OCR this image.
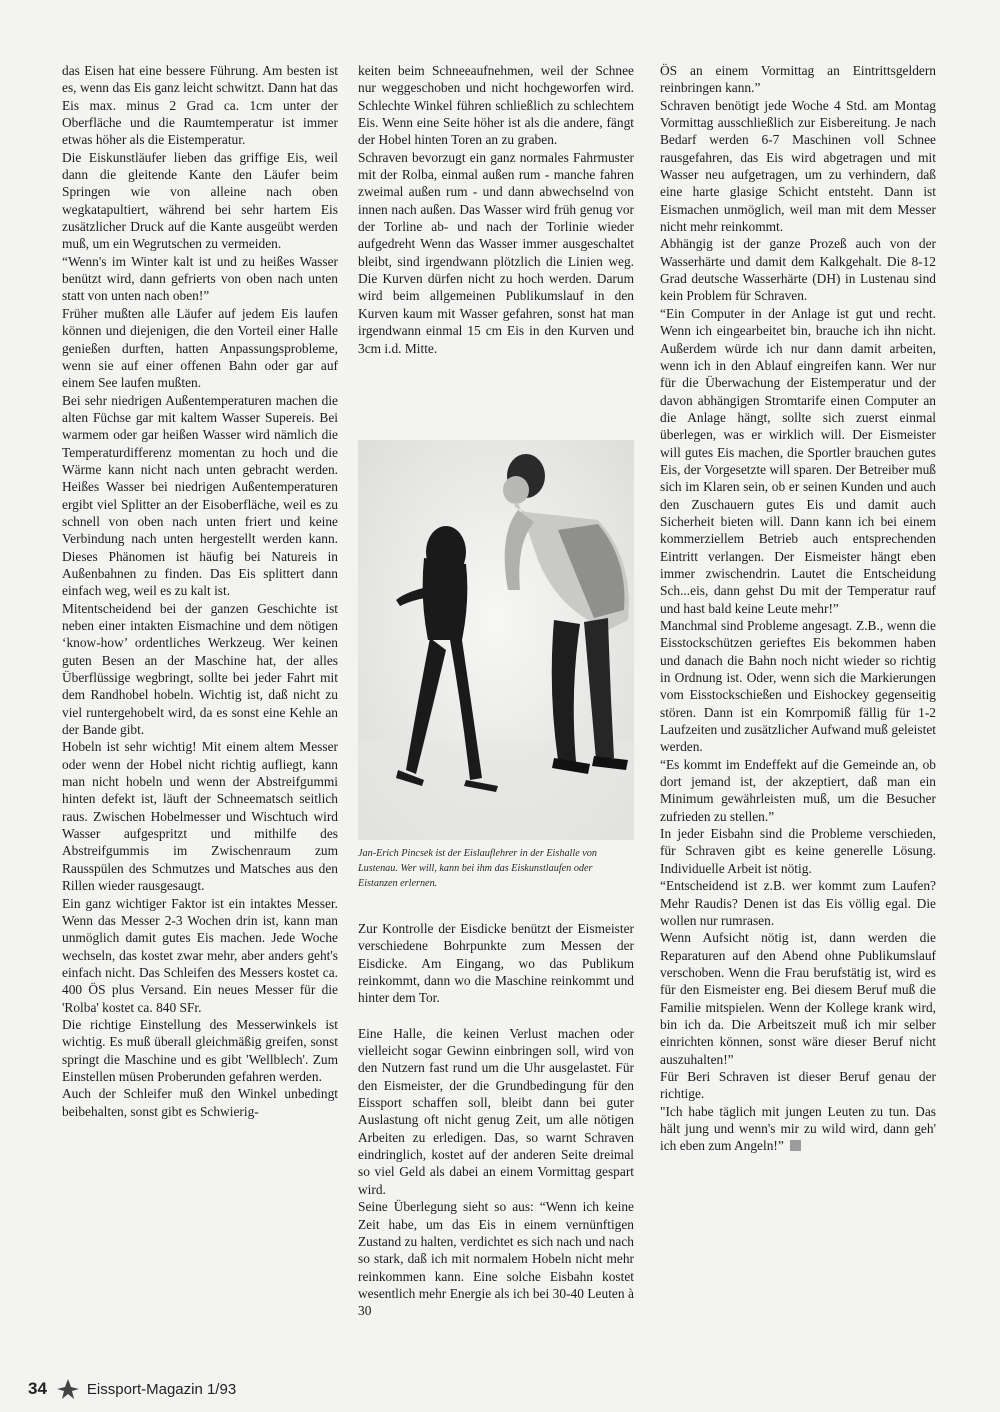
das Eisen hat eine bessere Führung. Am besten ist es, wenn das Eis ganz leicht schwitzt. Dann hat das Eis max. minus 2 Grad ca. 1cm unter der Oberfläche und die Raumtemperatur ist immer etwas höher als die Eistemperatur.

Die Eiskunstläufer lieben das griffige Eis, weil dann die gleitende Kante den Läufer beim Springen wie von alleine nach oben wegkatapultiert, während bei sehr hartem Eis zusätzlicher Druck auf die Kante ausgeübt werden muß, um ein Wegrutschen zu vermeiden.

“Wenn's im Winter kalt ist und zu heißes Wasser benützt wird, dann gefrierts von oben nach unten statt von unten nach oben!”

Früher mußten alle Läufer auf jedem Eis laufen können und diejenigen, die den Vorteil einer Halle genießen durften, hatten Anpassungsprobleme, wenn sie auf einer offenen Bahn oder gar auf einem See laufen mußten.

Bei sehr niedrigen Außentemperaturen machen die alten Füchse gar mit kaltem Wasser Supereis. Bei warmem oder gar heißen Wasser wird nämlich die Temperaturdifferenz momentan zu hoch und die Wärme kann nicht nach unten gebracht werden. Heißes Wasser bei niedrigen Außentemperaturen ergibt viel Splitter an der Eisoberfläche, weil es zu schnell von oben nach unten friert und keine Verbindung nach unten hergestellt werden kann. Dieses Phänomen ist häufig bei Natureis in Außenbahnen zu finden. Das Eis splittert dann einfach weg, weil es zu kalt ist.

Mitentscheidend bei der ganzen Geschichte ist neben einer intakten Eismachine und dem nötigen ‘know-how’ ordentliches Werkzeug. Wer keinen guten Besen an der Maschine hat, der alles Überflüssige wegbringt, sollte bei jeder Fahrt mit dem Randhobel hobeln. Wichtig ist, daß nicht zu viel runtergehobelt wird, da es sonst eine Kehle an der Bande gibt.

Hobeln ist sehr wichtig! Mit einem altem Messer oder wenn der Hobel nicht richtig aufliegt, kann man nicht hobeln und wenn der Abstreifgummi hinten defekt ist, läuft der Schneematsch seitlich raus. Zwischen Hobelmesser und Wischtuch wird Wasser aufgespritzt und mithilfe des Abstreifgummis im Zwischenraum zum Rausspülen des Schmutzes und Matsches aus den Rillen wieder rausgesaugt.

Ein ganz wichtiger Faktor ist ein intaktes Messer. Wenn das Messer 2-3 Wochen drin ist, kann man unmöglich damit gutes Eis machen. Jede Woche wechseln, das kostet zwar mehr, aber anders geht's einfach nicht. Das Schleifen des Messers kostet ca. 400 ÖS plus Versand. Ein neues Messer für die 'Rolba' kostet ca. 840 SFr.

Die richtige Einstellung des Messerwinkels ist wichtig. Es muß überall gleichmäßig greifen, sonst springt die Maschine und es gibt 'Wellblech'. Zum Einstellen müsen Proberunden gefahren werden.

Auch der Schleifer muß den Winkel unbedingt beibehalten, sonst gibt es Schwierig-

keiten beim Schneeaufnehmen, weil der Schnee nur weggeschoben und nicht hochgeworfen wird. Schlechte Winkel führen schließlich zu schlechtem Eis. Wenn eine Seite höher ist als die andere, fängt der Hobel hinten Toren an zu graben.

Schraven bevorzugt ein ganz normales Fahrmuster mit der Rolba, einmal außen rum - manche fahren zweimal außen rum - und dann abwechselnd von innen nach außen. Das Wasser wird früh genug vor der Torline ab- und nach der Torlinie wieder aufgedreht Wenn das Wasser immer ausgeschaltet bleibt, sind irgendwann plötzlich die Linien weg. Die Kurven dürfen nicht zu hoch werden. Darum wird beim allgemeinen Publikumslauf in den Kurven kaum mit Wasser gefahren, sonst hat man irgendwann einmal 15 cm Eis in den Kurven und 3cm i.d. Mitte.

Jan-Erich Pincsek ist der Eislauflehrer in der Eishalle von Lustenau. Wer will, kann bei ihm das Eiskunstlaufen oder Eistanzen erlernen.

Zur Kontrolle der Eisdicke benützt der Eismeister verschiedene Bohrpunkte zum Messen der Eisdicke. Am Eingang, wo das Publikum reinkommt, dann wo die Maschine reinkommt und hinter dem Tor.

Eine Halle, die keinen Verlust machen oder vielleicht sogar Gewinn einbringen soll, wird von den Nutzern fast rund um die Uhr ausgelastet. Für den Eismeister, der die Grundbedingung für den Eissport schaffen soll, bleibt dann bei guter Auslastung oft nicht genug Zeit, um alle nötigen Arbeiten zu erledigen. Das, so warnt Schraven eindringlich, kostet auf der anderen Seite dreimal so viel Geld als dabei an einem Vormittag gespart wird.

Seine Überlegung sieht so aus: “Wenn ich keine Zeit habe, um das Eis in einem vernünftigen Zustand zu halten, verdichtet es sich nach und nach so stark, daß ich mit normalem Hobeln nicht mehr reinkommen kann. Eine solche Eisbahn kostet wesentlich mehr Energie als ich bei 30-40 Leuten à 30

ÖS an einem Vormittag an Eintrittsgeldern reinbringen kann.”

Schraven benötigt jede Woche 4 Std. am Montag Vormittag ausschließlich zur Eisbereitung. Je nach Bedarf werden 6-7 Maschinen voll Schnee rausgefahren, das Eis wird abgetragen und mit Wasser neu aufgetragen, um zu verhindern, daß eine harte glasige Schicht entsteht. Dann ist Eismachen unmöglich, weil man mit dem Messer nicht mehr reinkommt.

Abhängig ist der ganze Prozeß auch von der Wasserhärte und damit dem Kalkgehalt. Die 8-12 Grad deutsche Wasserhärte (DH) in Lustenau sind kein Problem für Schraven.

“Ein Computer in der Anlage ist gut und recht. Wenn ich eingearbeitet bin, brauche ich ihn nicht. Außerdem würde ich nur dann damit arbeiten, wenn ich in den Ablauf eingreifen kann. Wer nur für die Überwachung der Eistemperatur und der davon abhängigen Stromtarife einen Computer an die Anlage hängt, sollte sich zuerst einmal überlegen, was er wirklich will. Der Eismeister will gutes Eis machen, die Sportler brauchen gutes Eis, der Vorgesetzte will sparen. Der Betreiber muß sich im Klaren sein, ob er seinen Kunden und auch den Zuschauern gutes Eis und damit auch Sicherheit bieten will. Dann kann ich bei einem kommerziellem Betrieb auch entsprechenden Eintritt verlangen. Der Eismeister hängt eben immer zwischendrin. Lautet die Entscheidung Sch...eis, dann gehst Du mit der Temperatur rauf und hast bald keine Leute mehr!”

Manchmal sind Probleme angesagt. Z.B., wenn die Eisstockschützen gerieftes Eis bekommen haben und danach die Bahn noch nicht wieder so richtig in Ordnung ist. Oder, wenn sich die Markierungen vom Eisstockschießen und Eishockey gegenseitig stören. Dann ist ein Komrpomiß fällig für 1-2 Laufzeiten und zusätzlicher Aufwand muß geleistet werden.

“Es kommt im Endeffekt auf die Gemeinde an, ob dort jemand ist, der akzeptiert, daß man ein Minimum gewährleisten muß, um die Besucher zufrieden zu stellen.”

In jeder Eisbahn sind die Probleme verschieden, für Schraven gibt es keine generelle Lösung. Individuelle Arbeit ist nötig.

“Entscheidend ist z.B. wer kommt zum Laufen? Mehr Raudis? Denen ist das Eis völlig egal. Die wollen nur rumrasen.

Wenn Aufsicht nötig ist, dann werden die Reparaturen auf den Abend ohne Publikumslauf verschoben. Wenn die Frau berufstätig ist, wird es für den Eismeister eng. Bei diesem Beruf muß die Familie mitspielen. Wenn der Kollege krank wird, bin ich da. Die Arbeitszeit muß ich mir selber einrichten können, sonst wäre dieser Beruf nicht auszuhalten!”

Für Beri Schraven ist dieser Beruf genau der richtige.

"Ich habe täglich mit jungen Leuten zu tun. Das hält jung und wenn's mir zu wild wird, dann geh' ich eben zum Angeln!”

34	Eissport-Magazin 1/93
